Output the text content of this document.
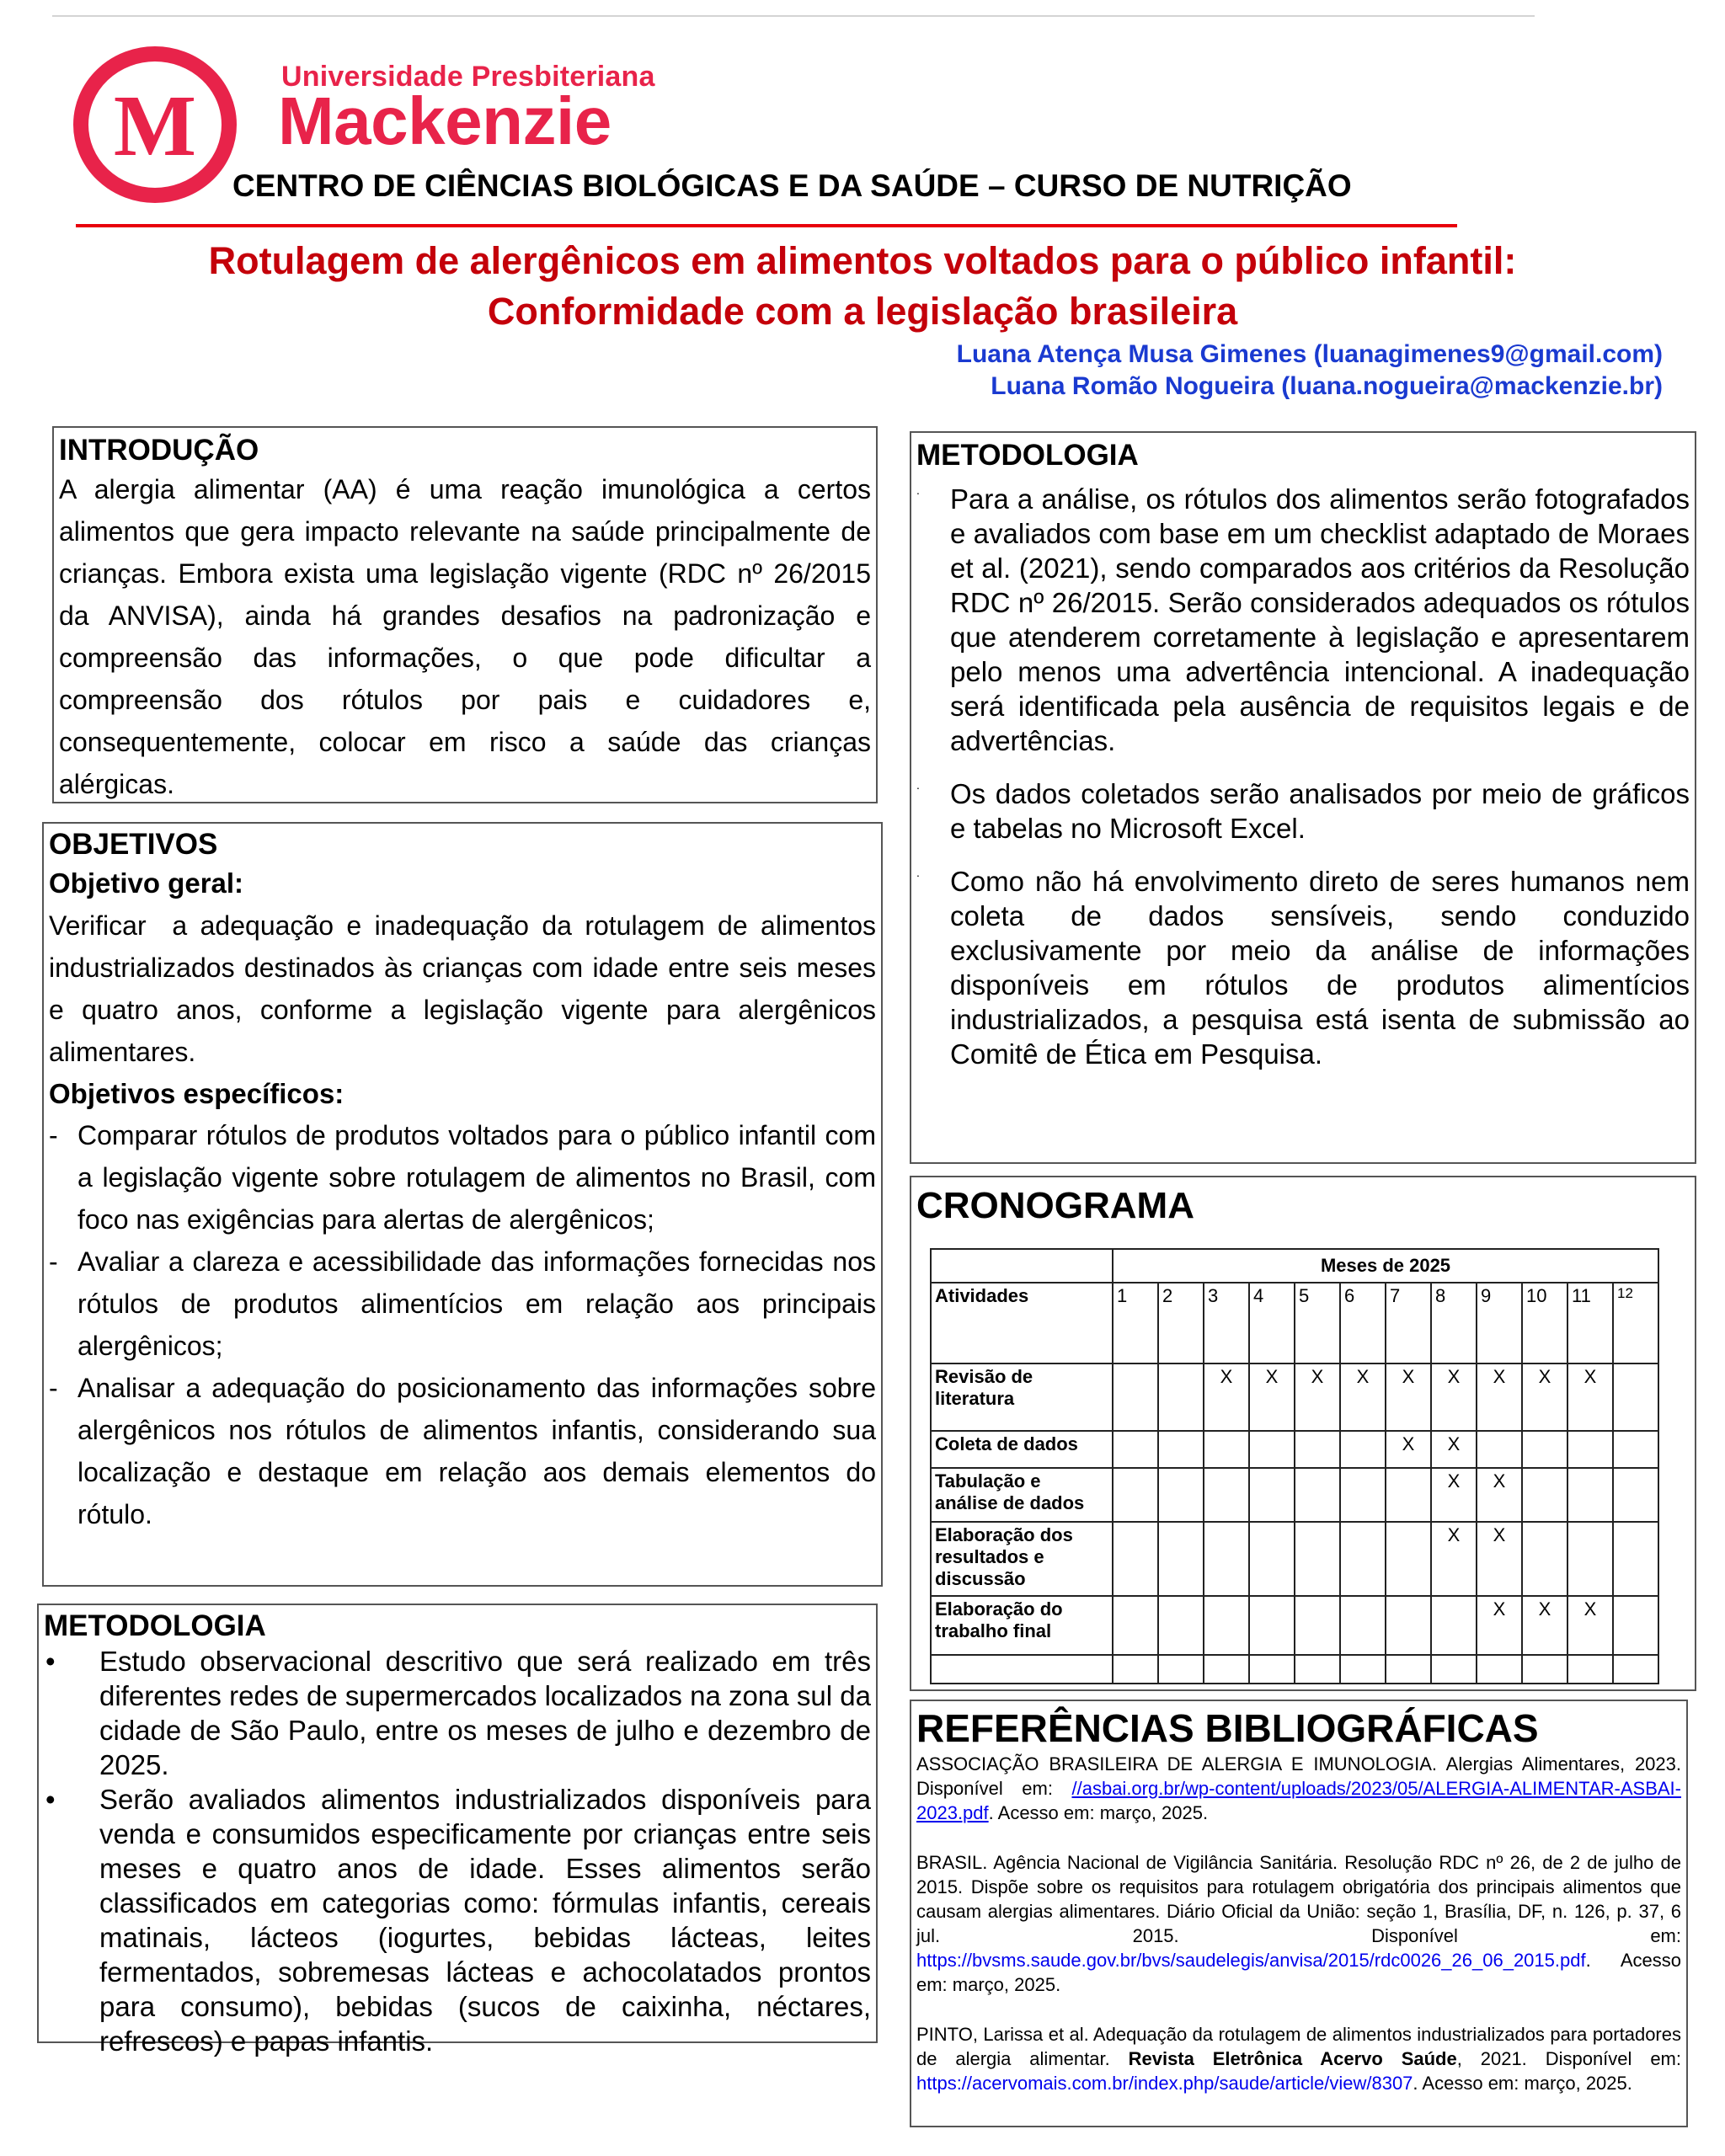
M
Universidade Presbiteriana
Mackenzie
CENTRO DE CIÊNCIAS BIOLÓGICAS E DA SAÚDE – CURSO DE NUTRIÇÃO
Rotulagem de alergênicos em alimentos voltados para o público infantil:
Conformidade com a legislação brasileira
Luana Atença Musa Gimenes (luanagimenes9@gmail.com)
Luana Romão Nogueira (luana.nogueira@mackenzie.br)
INTRODUÇÃO
A alergia alimentar (AA) é uma reação imunológica a certos alimentos que gera impacto relevante na saúde principalmente de crianças. Embora exista uma legislação vigente (RDC nº 26/2015 da ANVISA), ainda há grandes desafios na padronização e compreensão das informações, o que pode dificultar a compreensão dos rótulos por pais e cuidadores e, consequentemente, colocar em risco a saúde das crianças alérgicas.
OBJETIVOS
Objetivo geral:
Verificar  a adequação e inadequação da rotulagem de alimentos industrializados destinados às crianças com idade entre seis meses e quatro anos, conforme a legislação vigente para alergênicos alimentares.
Objetivos específicos:
- Comparar rótulos de produtos voltados para o público infantil com a legislação vigente sobre rotulagem de alimentos no Brasil, com foco nas exigências para alertas de alergênicos;
- Avaliar a clareza e acessibilidade das informações fornecidas nos rótulos de produtos alimentícios em relação aos principais alergênicos;
- Analisar a adequação do posicionamento das informações sobre alergênicos nos rótulos de alimentos infantis, considerando sua localização e destaque em relação aos demais elementos do rótulo.
METODOLOGIA
• Estudo observacional descritivo que será realizado em três diferentes redes de supermercados localizados na zona sul da cidade de São Paulo, entre os meses de julho e dezembro de 2025.
• Serão avaliados alimentos industrializados disponíveis para venda e consumidos especificamente por crianças entre seis meses e quatro anos de idade. Esses alimentos serão classificados em categorias como: fórmulas infantis, cereais matinais, lácteos (iogurtes, bebidas lácteas, leites fermentados, sobremesas lácteas e achocolatados prontos para consumo), bebidas (sucos de caixinha, néctares, refrescos) e papas infantis.
METODOLOGIA
. Para a análise, os rótulos dos alimentos serão fotografados e avaliados com base em um checklist adaptado de Moraes et al. (2021), sendo comparados aos critérios da Resolução RDC nº 26/2015. Serão considerados adequados os rótulos que atenderem corretamente à legislação e apresentarem pelo menos uma advertência intencional. A inadequação será identificada pela ausência de requisitos legais e de advertências.
. Os dados coletados serão analisados por meio de gráficos e tabelas no Microsoft Excel.
. Como não há envolvimento direto de seres humanos nem coleta de dados sensíveis, sendo conduzido exclusivamente por meio da análise de informações disponíveis em rótulos de produtos alimentícios industrializados, a pesquisa está isenta de submissão ao Comitê de Ética em Pesquisa.
CRONOGRAMA
	Meses de 2025											
Atividades	1	2	3	4	5	6	7	8	9	10	11	12
Revisão de literatura			X	X	X	X	X	X	X	X	X	
Coleta de dados							X	X				
Tabulação e análise de dados								X	X			
Elaboração dos resultados e discussão								X	X			
Elaboração do trabalho final									X	X	X	

REFERÊNCIAS BIBLIOGRÁFICAS

ASSOCIAÇÃO BRASILEIRA DE ALERGIA E IMUNOLOGIA. Alergias Alimentares, 2023. Disponível em: //asbai.org.br/wp-content/uploads/2023/05/ALERGIA-ALIMENTAR-ASBAI-2023.pdf. Acesso em: março, 2025.

BRASIL. Agência Nacional de Vigilância Sanitária. Resolução RDC nº 26, de 2 de julho de 2015. Dispõe sobre os requisitos para rotulagem obrigatória dos principais alimentos que causam alergias alimentares. Diário Oficial da União: seção 1, Brasília, DF, n. 126, p. 37, 6 jul. 2015. Disponível em: https://bvsms.saude.gov.br/bvs/saudelegis/anvisa/2015/rdc0026_26_06_2015.pdf. Acesso em: março, 2025.

PINTO, Larissa et al. Adequação da rotulagem de alimentos industrializados para portadores de alergia alimentar. Revista Eletrônica Acervo Saúde, 2021. Disponível em: https://acervomais.com.br/index.php/saude/article/view/8307. Acesso em: março, 2025.
